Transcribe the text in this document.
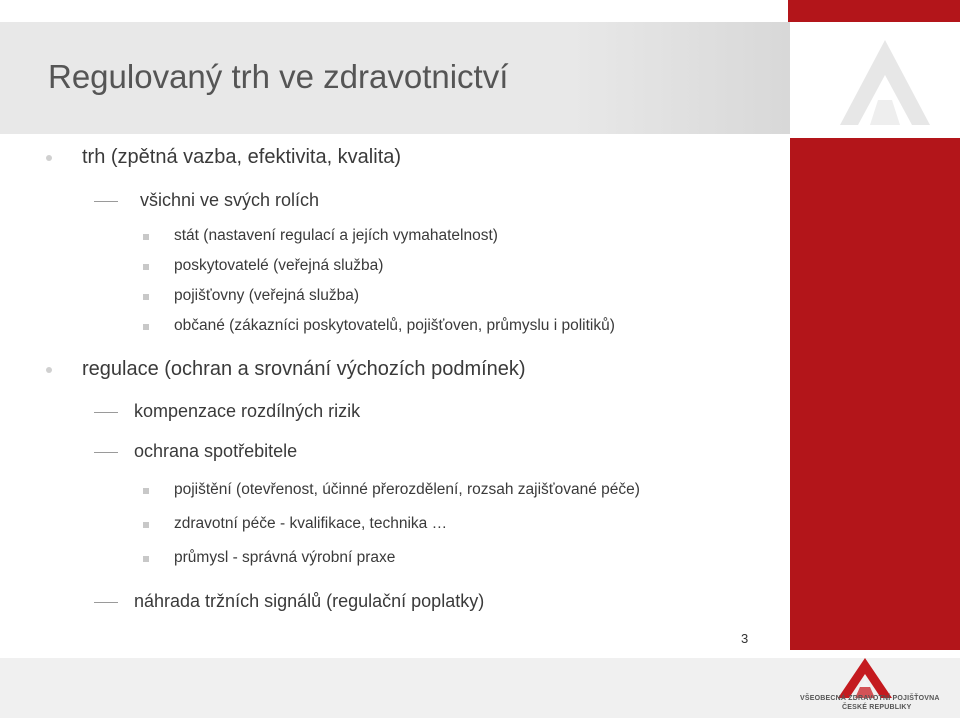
Regulovaný trh ve zdravotnictví
trh (zpětná vazba, efektivita, kvalita)
všichni ve svých rolích
stát (nastavení regulací a jejích vymahatelnost)
poskytovatelé (veřejná služba)
pojišťovny (veřejná služba)
občané (zákazníci poskytovatelů, pojišťoven, průmyslu i politiků)
regulace (ochran a srovnání výchozích podmínek)
kompenzace rozdílných rizik
ochrana spotřebitele
pojištění (otevřenost, účinné přerozdělení, rozsah zajišťované péče)
zdravotní péče - kvalifikace, technika …
průmysl - správná výrobní praxe
náhrada tržních signálů (regulační poplatky)
3
VŠEOBECNÁ ZDRAVOTNÍ POJIŠŤOVNA
ČESKÉ REPUBLIKY
